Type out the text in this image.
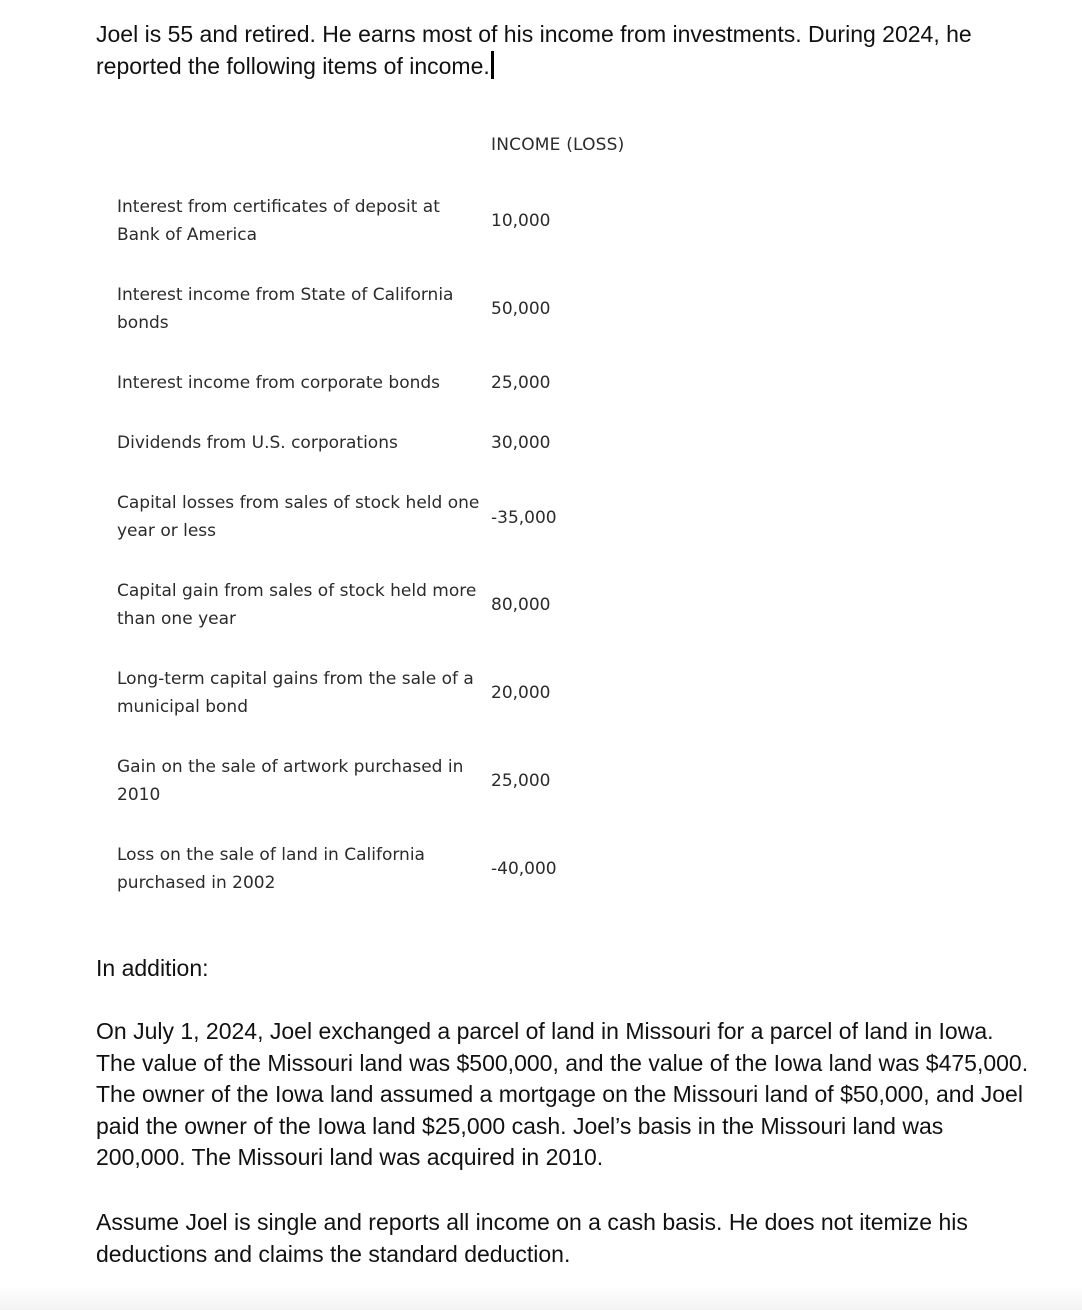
Joel is 55 and retired. He earns most of his income from investments. During 2024, he reported the following items of income.

INCOME (LOSS)
Interest from certificates of deposit at Bank of America
10,000
Interest income from State of California bonds
50,000
Interest income from corporate bonds	25,000
Dividends from U.S. corporations	30,000
Capital losses from sales of stock held one year or less
-35,000
Capital gain from sales of stock held more than one year
80,000
Long-term capital gains from the sale of a municipal bond
20,000
Gain on the sale of artwork purchased in 2010
25,000
Loss on the sale of land in California purchased in 2002
-40,000

In addition:

On July 1, 2024, Joel exchanged a parcel of land in Missouri for a parcel of land in Iowa. The value of the Missouri land was $500,000, and the value of the Iowa land was $475,000. The owner of the Iowa land assumed a mortgage on the Missouri land of $50,000, and Joel paid the owner of the Iowa land $25,000 cash. Joel’s basis in the Missouri land was 200,000. The Missouri land was acquired in 2010.

Assume Joel is single and reports all income on a cash basis. He does not itemize his deductions and claims the standard deduction.
